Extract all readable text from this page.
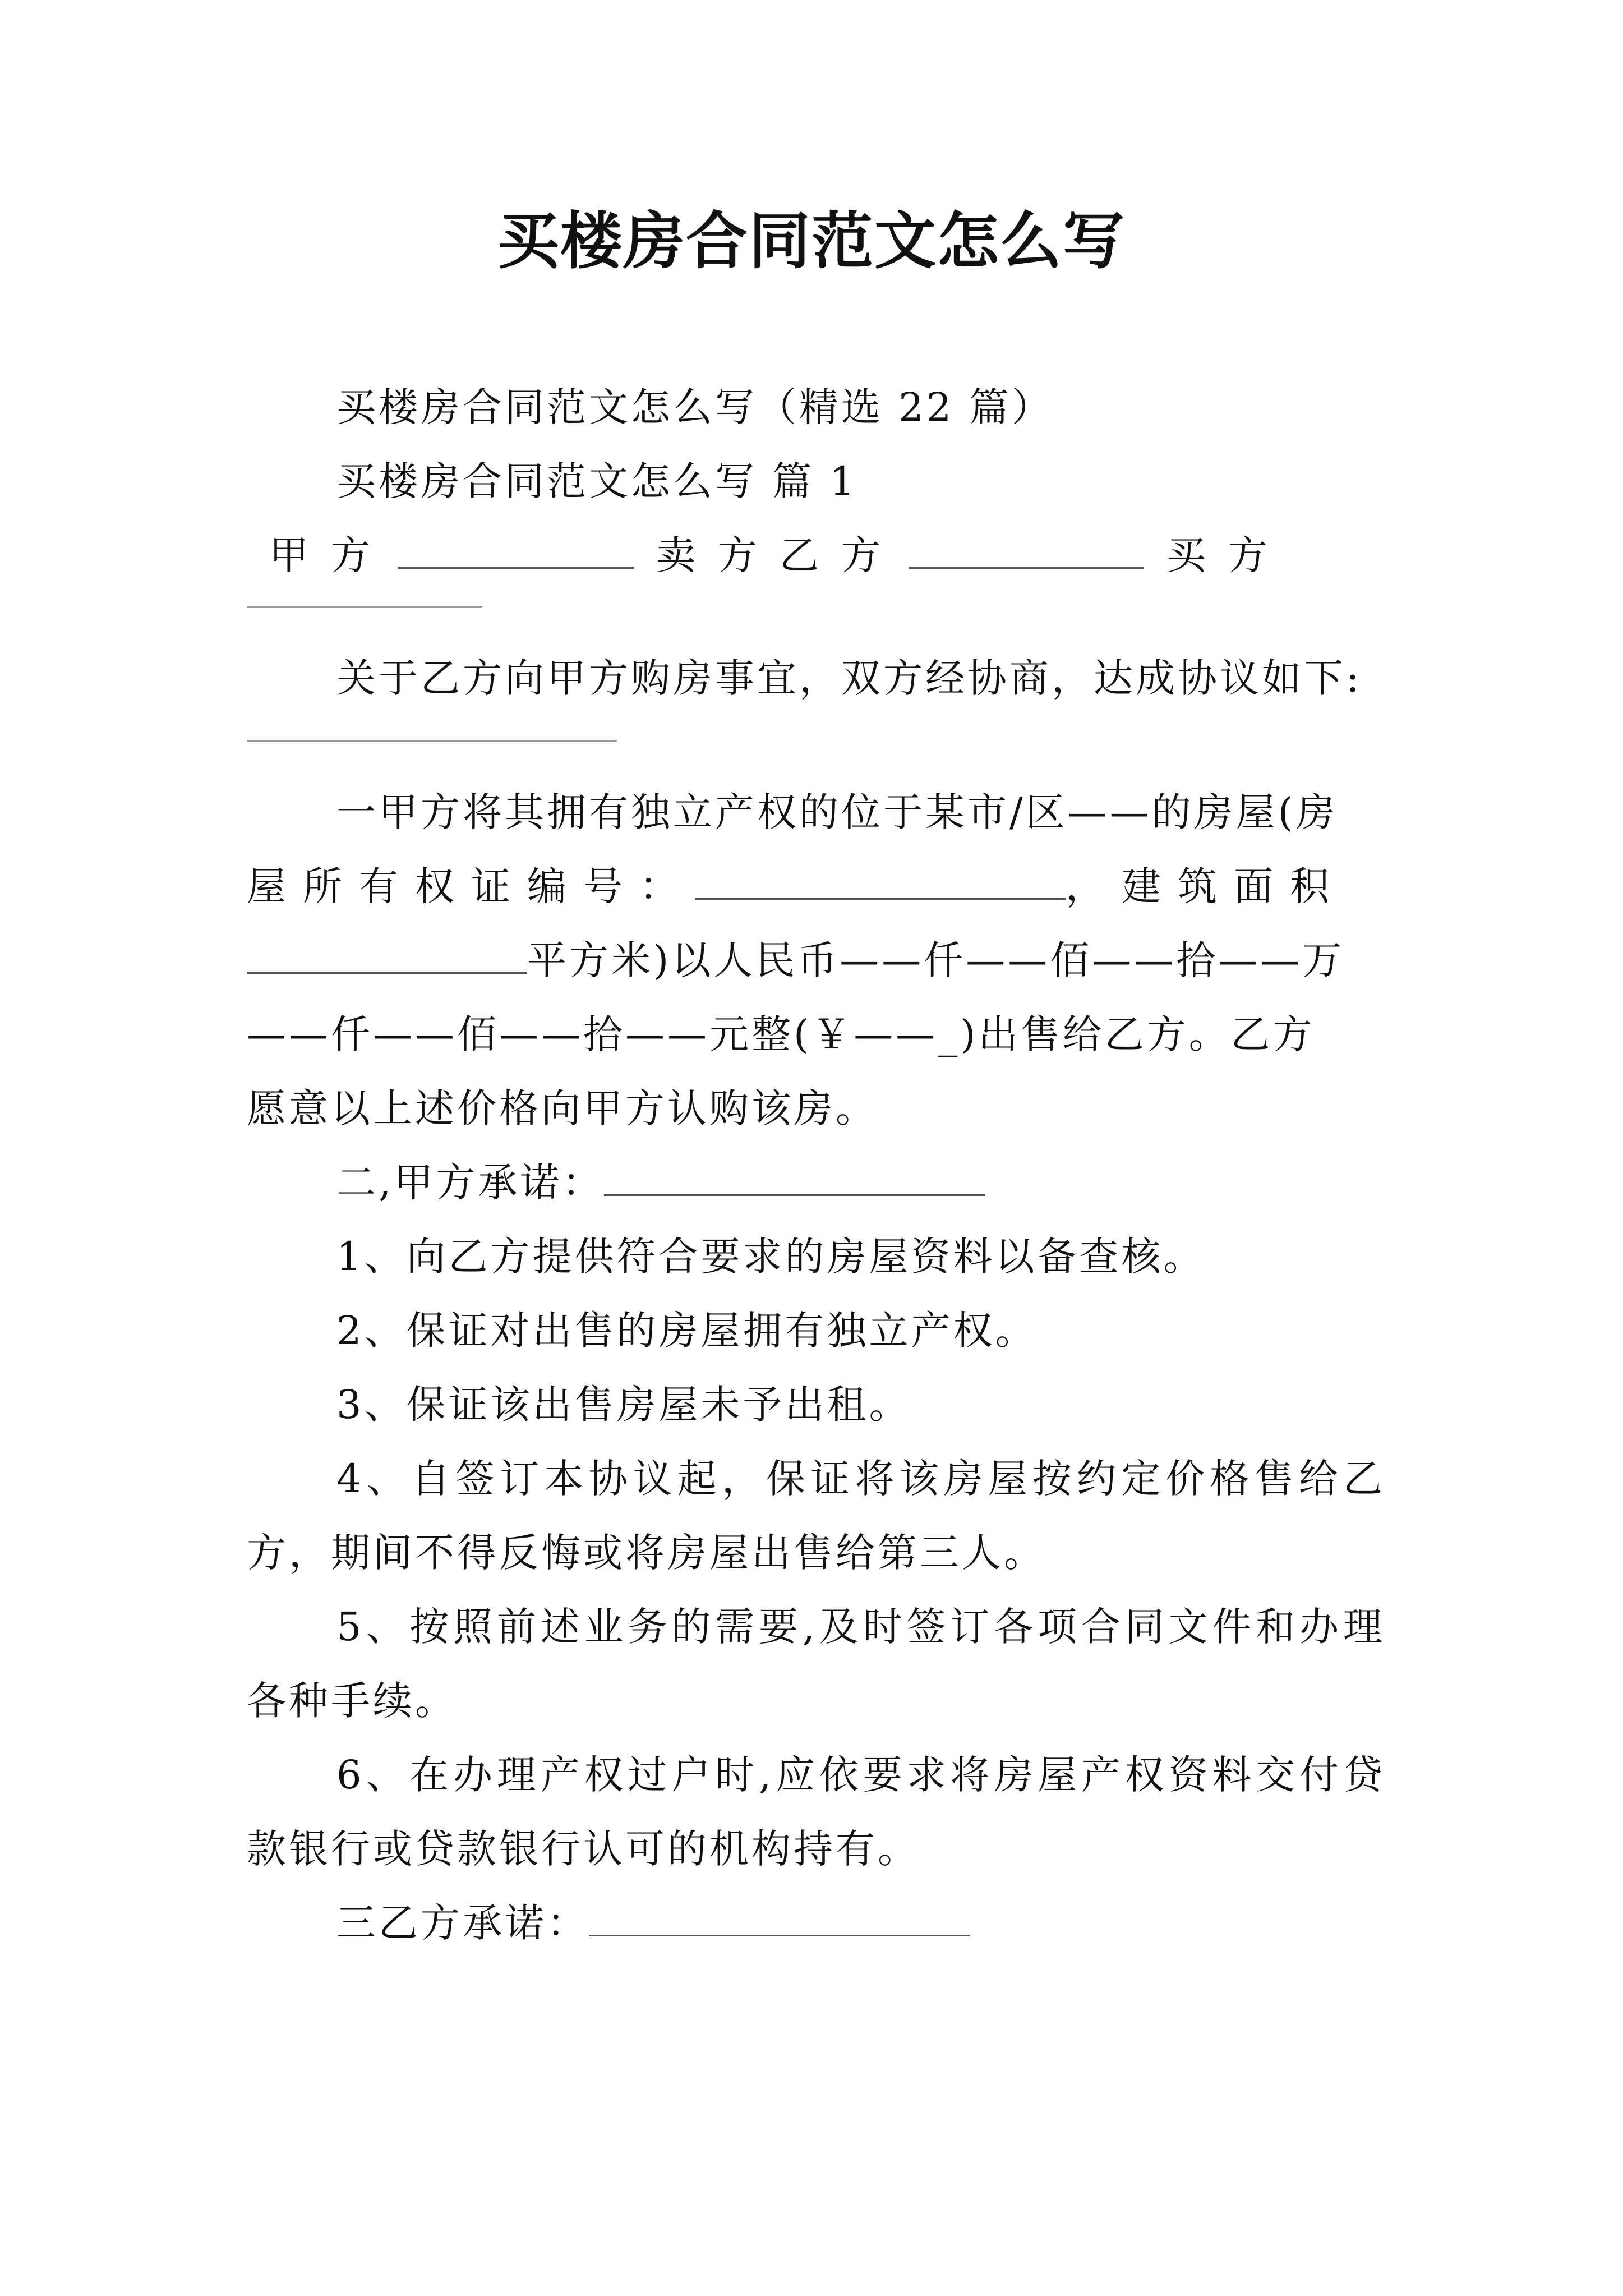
买楼房合同范文怎么写

买楼房合同范文怎么写（精选 22 篇）

买楼房合同范文怎么写 篇 1

甲方	卖方乙方	买方

关于乙方向甲方购房事宜，双方经协商，达成协议如下:

一甲方将其拥有独立产权的位于某市/区——的房屋(房

屋所有权证编号：	，建筑面积

平方米)以人民币——仟——佰——拾——万

——仟——佰——拾——元整(￥——_)出售给乙方。乙方

愿意以上述价格向甲方认购该房。

二,甲方承诺：

1、向乙方提供符合要求的房屋资料以备查核。

2、保证对出售的房屋拥有独立产权。

3、保证该出售房屋未予出租。

4、自签订本协议起，保证将该房屋按约定价格售给乙方，期间不得反悔或将房屋出售给第三人。

5、按照前述业务的需要,及时签订各项合同文件和办理各种手续。

6、在办理产权过户时,应依要求将房屋产权资料交付贷款银行或贷款银行认可的机构持有。

三乙方承诺：
